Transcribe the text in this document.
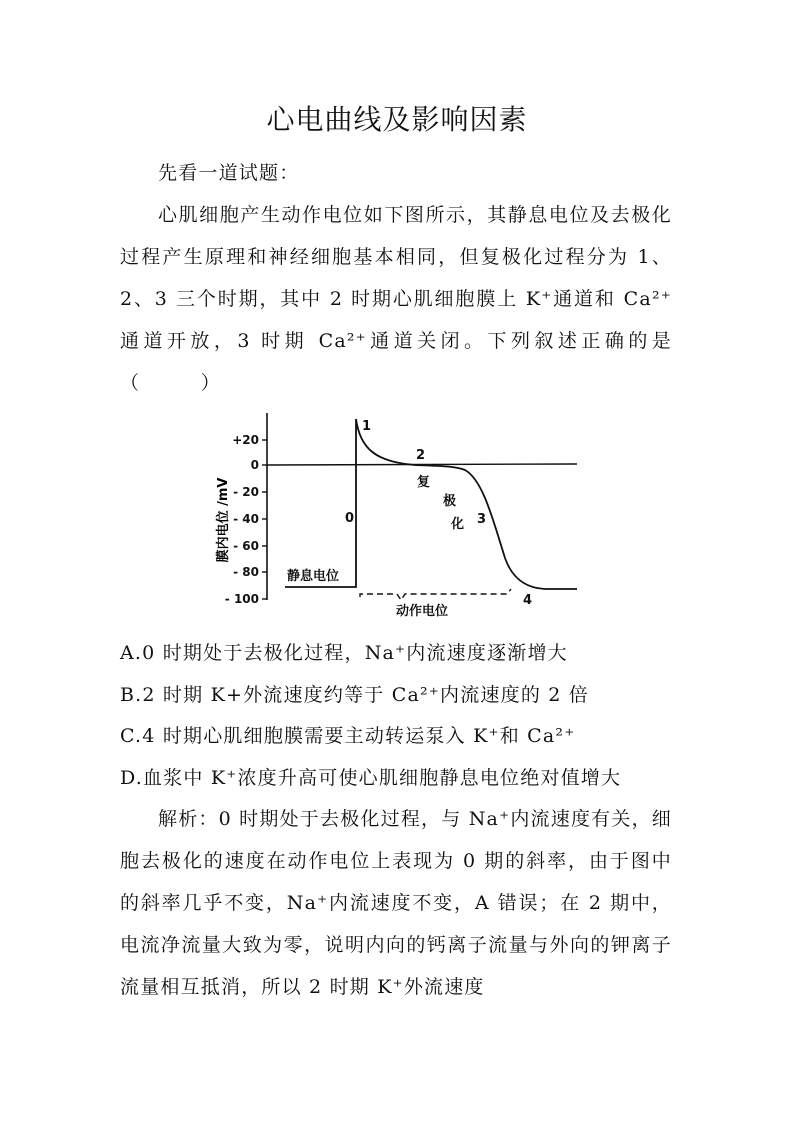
心电曲线及影响因素
先看一道试题：
心肌细胞产生动作电位如下图所示，其静息电位及去极化过程产生原理和神经细胞基本相同，但复极化过程分为 1、2、3 三个时期，其中 2 时期心肌细胞膜上 K⁺通道和 Ca²⁺通道开放，3 时期 Ca²⁺通道关闭。下列叙述正确的是（　　　）
+20
0
- 20
- 40
- 60
- 80
- 100
膜内电位 /mV	0
1
2
3
4
复
极
化
静息电位
动作电位
A.0 时期处于去极化过程，Na⁺内流速度逐渐增大
B.2 时期 K+外流速度约等于 Ca²⁺内流速度的 2 倍
C.4 时期心肌细胞膜需要主动转运泵入 K⁺和 Ca²⁺
D.血浆中 K⁺浓度升高可使心肌细胞静息电位绝对值增大
解析：0 时期处于去极化过程，与 Na⁺内流速度有关，细胞去极化的速度在动作电位上表现为 0 期的斜率，由于图中的斜率几乎不变，Na⁺内流速度不变，A 错误；在 2 期中，电流净流量大致为零，说明内向的钙离子流量与外向的钾离子流量相互抵消，所以 2 时期 K⁺外流速度
